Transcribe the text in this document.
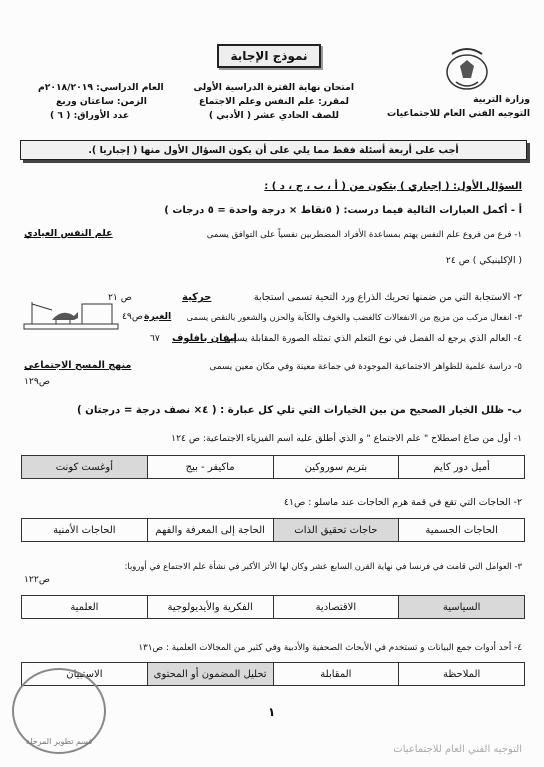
نموذج الإجابة
وزارة التربية
التوجيه الفني العام للاجتماعيات
امتحان نهاية الفترة الدراسية الأولى
لمقرر: علم النفس وعلم الاجتماع
للصف الحادي عشر ( الأدبي )
العام الدراسي: ٢٠١٨/٢٠١٩م
الزمن: ساعتان وربع
عدد الأوراق: ( ٦ )
أجب على أربعة أسئلة فقط مما يلي على أن يكون السؤال الأول منها ( إجباريا ).
السؤال الأول: ( إجباري ) يتكون من ( أ ، ب ، ج ، د ) :
أ - أكمل العبارات التالية فيما درست: ( ٥نقاط × درجة واحدة = ٥ درجات )
١- فرع من فروع علم النفس يهتم بمساعدة الأفراد المضطربين نفسياً على التوافق يسمى
علم النفس العيادي
( الإكلينيكي ) ص ٢٤
٢- الاستجابة التي من ضمنها تحريك الذراع ورد التحية تسمى استجابة
حركية
ص ٢١
٣- انفعال مركب من مزيج من الانفعالات كالغضب والخوف والكآبة والحزن والشعور بالنقص يسمى
الغيرة
ص٤٩
٤- العالم الذي يرجع له الفضل في نوع التعلم الذي تمثله الصورة المقابلة يسمى
إيفان بافلوف
٦٧
٥- دراسة علمية للظواهر الاجتماعية الموجودة في جماعة معينة وفي مكان معين يسمى
منهج المسح الاجتماعي
ص١٢٩
ب- ظلل الخيار الصحيح من بين الخيارات التي تلي كل عبارة : ( ٤× نصف درجة = درجتان )
١- أول من صاغ اصطلاح " علم الاجتماع " و الذي أطلق عليه اسم الفيزياء الاجتماعية: ص ١٢٤
أميل دور كايم	بتريم سوروكين	ماكيفر - بيج	أوغست كونت
٢- الحاجات التي تقع في قمة هرم الحاجات عند ماسلو : ص٤١
الحاجات الجسمية	حاجات تحقيق الذات	الحاجة إلى المعرفة والفهم	الحاجات الأمنية
٣- العوامل التي قامت في فرنسا في نهاية القرن السابع عشر وكان لها الأثر الأكبر في نشأة علم الاجتماع في أوروبا:
ص١٢٢
السياسية	الاقتصادية	الفكرية والأيديولوجية	العلمية
٤- أحد أدوات جمع البيانات و تستخدم في الأبحاث الصحفية والأدبية وفي كثير من المجالات العلمية : ص١٣١
الملاحظة	المقابلة	تحليل المضمون أو المحتوى	الاستبيان
قسم تطوير المرحلة
١
التوجيه الفني العام للاجتماعيات
